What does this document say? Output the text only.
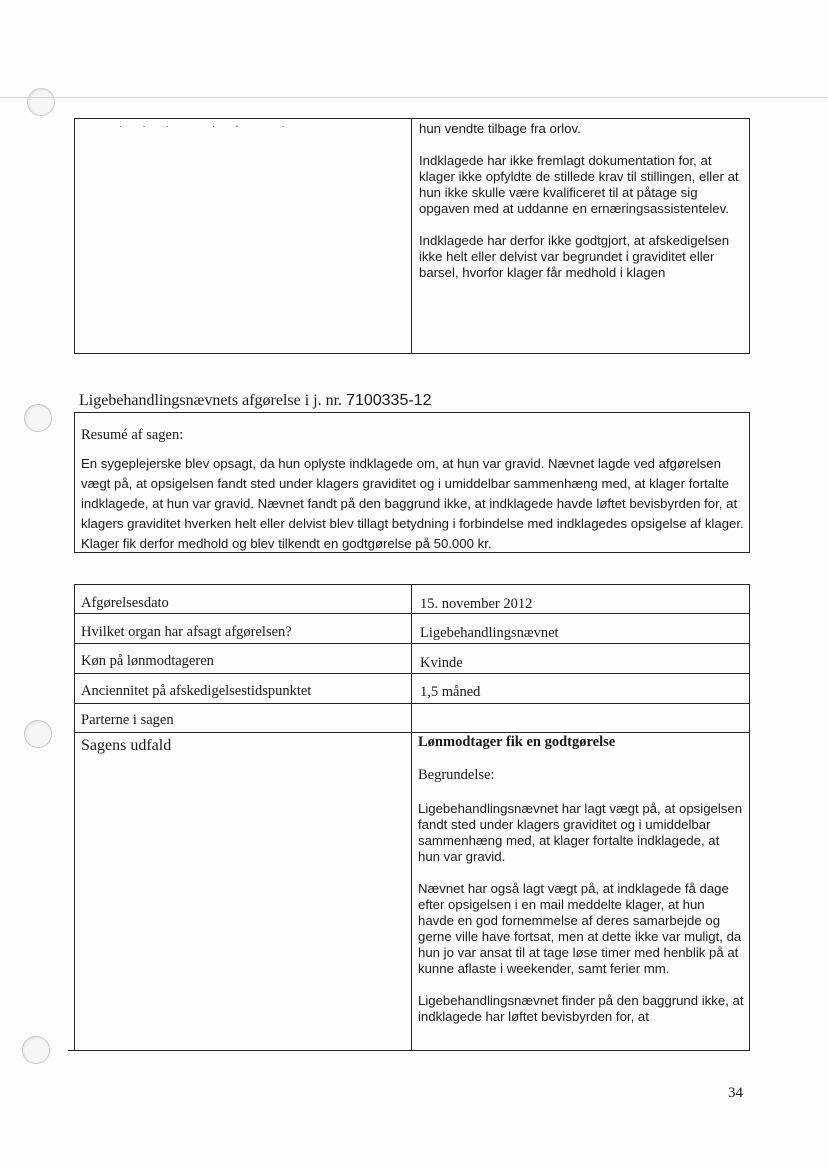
··· ·- ·	hun vendte tilbage fra orlov.

Indklagede har ikke fremlagt dokumentation for, at klager ikke opfyldte de stillede krav til stillingen, eller at hun ikke skulle være kvalificeret til at påtage sig opgaven med at uddanne en ernæringsassistentelev.

Indklagede har derfor ikke godtgjort, at afskedigelsen ikke helt eller delvist var begrundet i graviditet eller barsel, hvorfor klager får medhold i klagen

Ligebehandlingsnævnets afgørelse i j. nr. 7100335-12
Resumé af sagen:
En sygeplejerske blev opsagt, da hun oplyste indklagede om, at hun var gravid. Nævnet lagde ved afgørelsen vægt på, at opsigelsen fandt sted under klagers graviditet og i umiddelbar sammenhæng med, at klager fortalte indklagede, at hun var gravid. Nævnet fandt på den baggrund ikke, at indklagede havde løftet bevisbyrden for, at klagers graviditet hverken helt eller delvist blev tillagt betydning i forbindelse med indklagedes opsigelse af klager. Klager fik derfor medhold og blev tilkendt en godtgørelse på 50.000 kr.
Afgørelsesdato	15. november 2012
Hvilket organ har afsagt afgørelsen?	Ligebehandlingsnævnet
Køn på lønmodtageren	Kvinde
Anciennitet på afskedigelsestidspunktet	1,5 måned
Parterne i sagen
Sagens udfald	Lønmodtager fik en godtgørelse
Begrundelse:

Ligebehandlingsnævnet har lagt vægt på, at opsigelsen fandt sted under klagers graviditet og i umiddelbar sammenhæng med, at klager fortalte indklagede, at hun var gravid.

Nævnet har også lagt vægt på, at indklagede få dage efter opsigelsen i en mail meddelte klager, at hun havde en god fornemmelse af deres samarbejde og gerne ville have fortsat, men at dette ikke var muligt, da hun jo var ansat til at tage løse timer med henblik på at kunne aflaste i weekender, samt ferier mm.

Ligebehandlingsnævnet finder på den baggrund ikke, at indklagede har løftet bevisbyrden for, at

34
